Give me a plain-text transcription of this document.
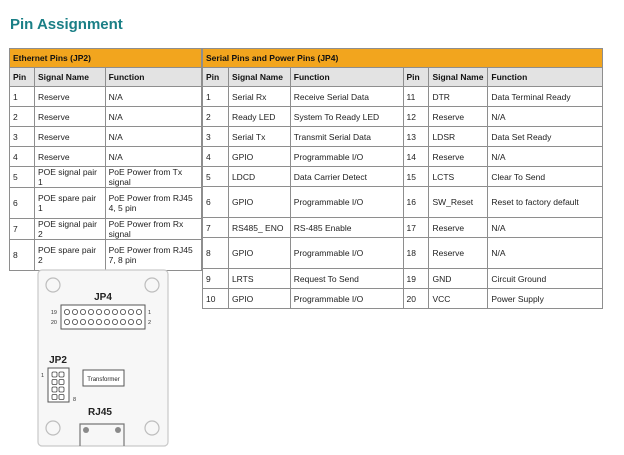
Pin Assignment
Ethernet Pins (JP2)		
Pin	Signal Name	Function
1	Reserve	N/A
2	Reserve	N/A
3	Reserve	N/A
4	Reserve	N/A
5	POE signal pair 1	PoE Power from Tx signal
6	POE spare pair 1	PoE Power from RJ45 4, 5 pin
7	POE signal pair 2	PoE Power from Rx signal
8	POE spare pair 2	PoE Power from RJ45 7, 8 pin
Serial Pins and Power Pins (JP4)					
Pin	Signal Name	Function	Pin	Signal Name	Function
1	Serial Rx	Receive Serial Data	11	DTR	Data Terminal Ready
2	Ready LED	System To Ready LED	12	Reserve	N/A
3	Serial Tx	Transmit Serial Data	13	LDSR	Data Set Ready
4	GPIO	Programmable I/O	14	Reserve	N/A
5	LDCD	Data Carrier Detect	15	LCTS	Clear To Send
6	GPIO	Programmable I/O	16	SW_Reset	Reset to factory default
7	RS485_ ENO	RS-485 Enable	17	Reserve	N/A
8	GPIO	Programmable I/O	18	Reserve	N/A
9	LRTS	Request To Send	19	GND	Circuit Ground
10	GPIO	Programmable I/O	20	VCC	Power Supply
JP4
19
20
1
2
JP2
1
8
Transformer
RJ45
